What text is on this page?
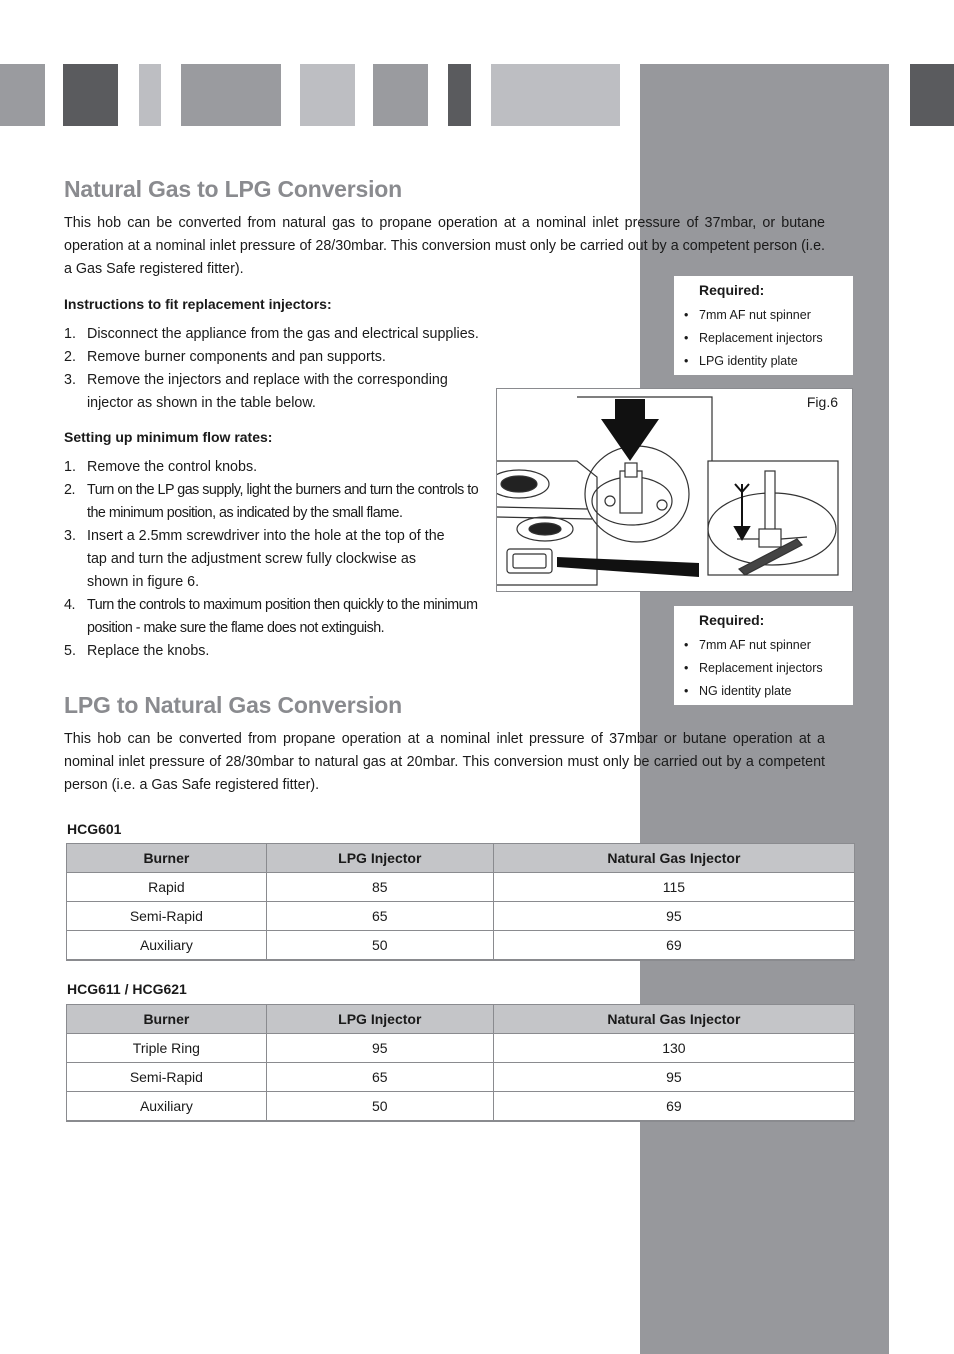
Natural Gas to LPG Conversion

This hob can be converted from natural gas to propane operation at a nominal inlet pressure of 37mbar, or butane operation at a nominal inlet pressure of 28/30mbar. This conversion must only be carried out by a competent person (i.e. a Gas Safe registered fitter).

Instructions to fit replacement injectors:

1. Disconnect the appliance from the gas and electrical supplies.
2. Remove burner components and pan supports.
3. Remove the injectors and replace with the corresponding injector as shown in the table below.

Setting up minimum flow rates:

1. Remove the control knobs.
2. Turn on the LP gas supply, light the burners and turn the controls to the minimum position, as indicated by the small flame.
3. Insert a 2.5mm screwdriver into the hole at the top of the tap and turn the adjustment screw fully clockwise as shown in figure 6.
4. Turn the controls to maximum position then quickly to the minimum position - make sure the flame does not extinguish.
5. Replace the knobs.
Required:
• 7mm AF nut spinner
• Replacement injectors
• LPG identity plate
Fig.6
Required:
• 7mm AF nut spinner
• Replacement injectors
• NG identity plate
LPG to Natural Gas Conversion

This hob can be converted from propane operation at a nominal inlet pressure of 37mbar or butane operation at a nominal inlet pressure of 28/30mbar to natural gas at 20mbar. This conversion must only be carried out by a competent person (i.e. a Gas Safe registered fitter).

HCG601

Burner	LPG Injector	Natural Gas Injector
Rapid	85	115
Semi-Rapid	65	95
Auxiliary	50	69

HCG611 / HCG621

Burner	LPG Injector	Natural Gas Injector
Triple Ring	95	130
Semi-Rapid	65	95
Auxiliary	50	69
